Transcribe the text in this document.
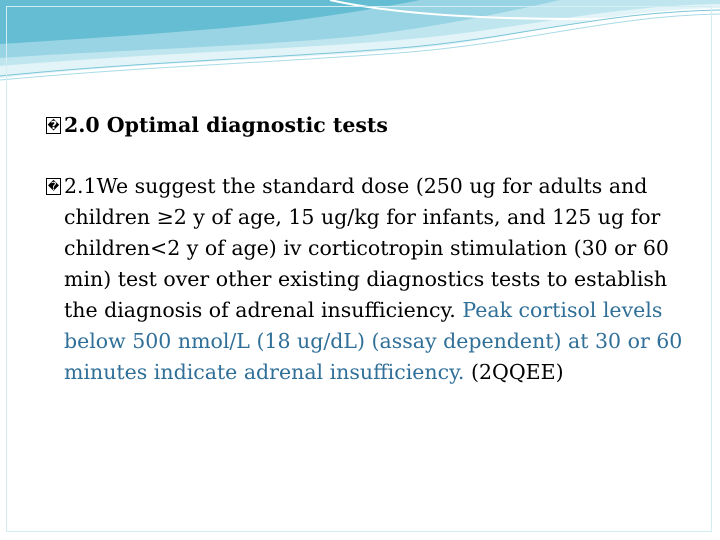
� 2.0 Optimal diagnostic tests
� 2.1We suggest the standard dose (250 ug for adults and children ≥2 y of age, 15 ug/kg for infants, and 125 ug for children<2 y of age) iv corticotropin stimulation (30 or 60 min) test over other existing diagnostics tests to establish the diagnosis of adrenal insufficiency. Peak cortisol levels below 500 nmol/L (18 ug/dL) (assay dependent) at 30 or 60 minutes indicate adrenal insufficiency. (2QQEE)
